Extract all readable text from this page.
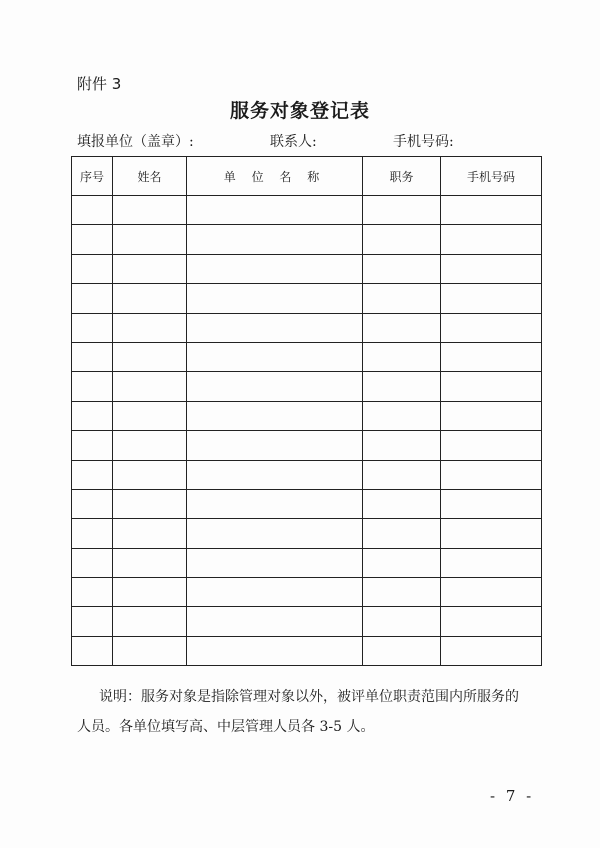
附件 3
服务对象登记表
填报单位（盖章）:	联系人:	手机号码:
序号	姓名	单 位 名 称	职务	手机号码

说明：服务对象是指除管理对象以外，被评单位职责范围内所服务的
人员。各单位填写高、中层管理人员各 3-5 人。
- 7 -
